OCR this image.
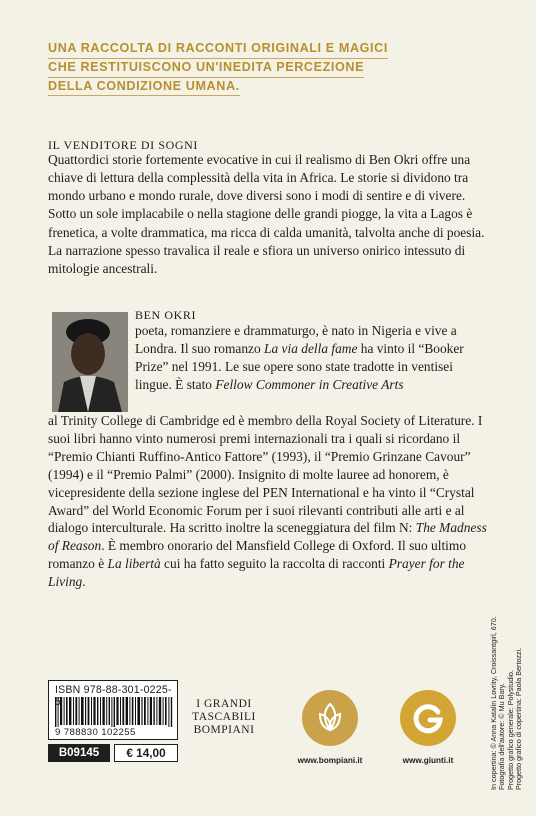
UNA RACCOLTA DI RACCONTI ORIGINALI E MAGICI
CHE RESTITUISCONO UN'INEDITA PERCEZIONE
DELLA CONDIZIONE UMANA.
IL VENDITORE DI SOGNI
Quattordici storie fortemente evocative in cui il realismo di Ben Okri offre una chiave di lettura della complessità della vita in Africa. Le storie si dividono tra mondo urbano e mondo rurale, dove diversi sono i modi di sentire e di vivere. Sotto un sole implacabile o nella stagione delle grandi piogge, la vita a Lagos è frenetica, a volte drammatica, ma ricca di calda umanità, talvolta anche di poesia. La narrazione spesso travalica il reale e sfiora un universo onirico intessuto di mitologie ancestrali.
BEN OKRI
poeta, romanziere e drammaturgo, è nato in Nigeria e vive a Londra. Il suo romanzo La via della fame ha vinto il “Booker Prize” nel 1991. Le sue opere sono state tradotte in ventisei lingue. È stato Fellow Commoner in Creative Arts
al Trinity College di Cambridge ed è membro della Royal Society of Literature. I suoi libri hanno vinto numerosi premi internazionali tra i quali si ricordano il “Premio Chianti Ruffino-Antico Fattore” (1993), il “Premio Grinzane Cavour” (1994) e il “Premio Palmi” (2000). Insignito di molte lauree ad honorem, è vicepresidente della sezione inglese del PEN International e ha vinto il “Crystal Award” del World Economic Forum per i suoi rilevanti contributi alle arti e al dialogo interculturale. Ha scritto inoltre la sceneggiatura del film N: The Madness of Reason. È membro onorario del Mansfield College di Oxford. Il suo ultimo romanzo è La libertà cui ha fatto seguito la raccolta di racconti Prayer for the Living.
ISBN 978-88-301-0225-5
9 788830 102255
B09145	€ 14,00
I GRANDI
TASCABILI
BOMPIANI
www.bompiani.it	www.giunti.it	In copertina: © Anna Katalin Lovrity, Croissantgirl, 670. Fotografia dell'autore: © Mu Bary. Progetto grafico generale: Polystudio. Progetto grafico di copertina: Paola Bertozzi.
